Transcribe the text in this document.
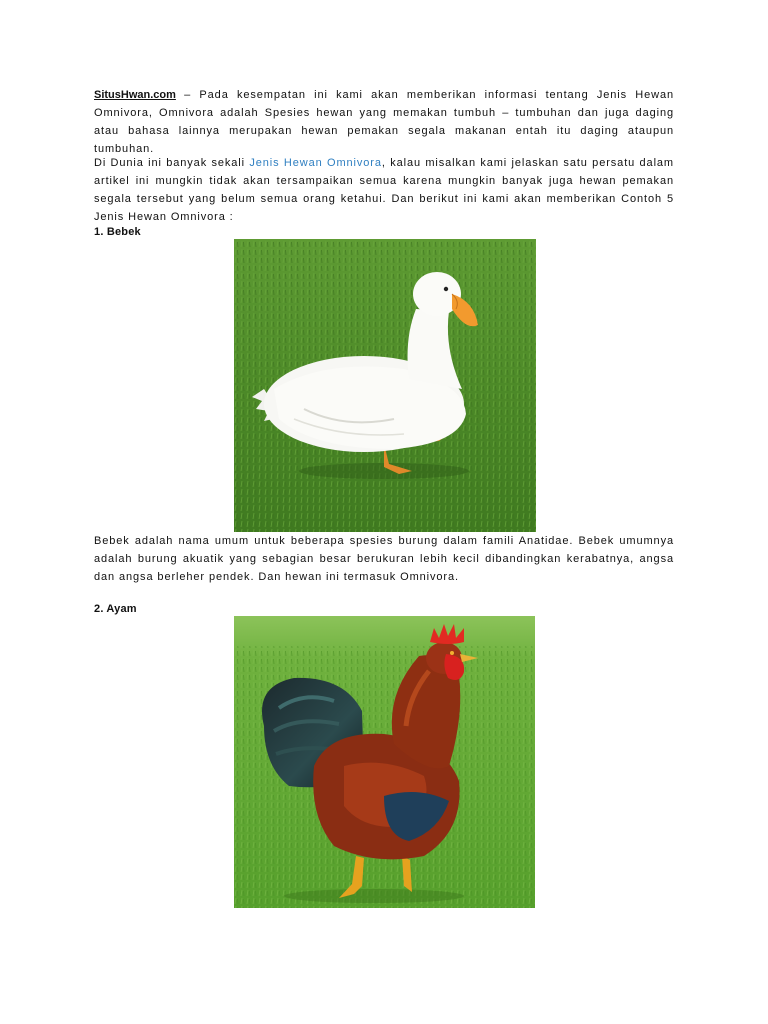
SitusHwan.com – Pada kesempatan ini kami akan memberikan informasi tentang Jenis Hewan Omnivora, Omnivora adalah Spesies hewan yang memakan tumbuh – tumbuhan dan juga daging atau bahasa lainnya merupakan hewan pemakan segala makanan entah itu daging ataupun tumbuhan.

Di Dunia ini banyak sekali Jenis Hewan Omnivora, kalau misalkan kami jelaskan satu persatu dalam artikel ini mungkin tidak akan tersampaikan semua karena mungkin banyak juga hewan pemakan segala tersebut yang belum semua orang ketahui. Dan berikut ini kami akan memberikan Contoh 5 Jenis Hewan Omnivora :

1. Bebek

Bebek adalah nama umum untuk beberapa spesies burung dalam famili Anatidae. Bebek umumnya adalah burung akuatik yang sebagian besar berukuran lebih kecil dibandingkan kerabatnya, angsa dan angsa berleher pendek. Dan hewan ini termasuk Omnivora.

2. Ayam
